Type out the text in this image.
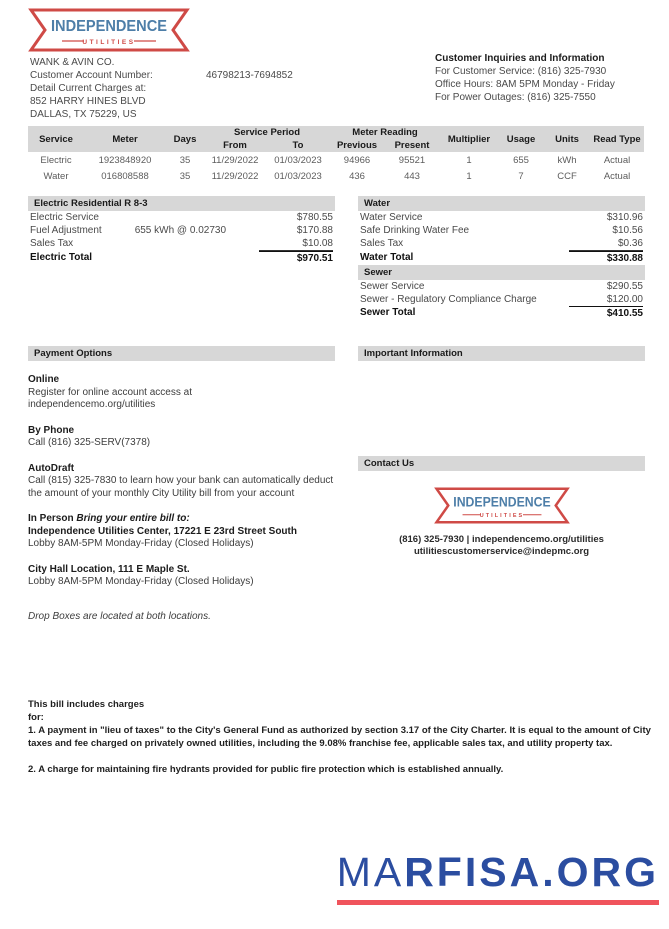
INDEPENDENCE
UTILITIES
WANK & AVIN CO.
Customer Account Number:	46798213-7694852
Detail Current Charges at:
852 HARRY HINES BLVD
DALLAS, TX 75229, US
Customer Inquiries and Information
For Customer Service: (816) 325-7930
Office Hours: 8AM 5PM Monday - Friday
For Power Outages: (816) 325-7550
Service	Meter	Days	Service Period		Meter Reading		Multiplier	Usage	Units	Read Type
			From	To	Previous	Present				
Electric	1923848920	35	11/29/2022	01/03/2023	94966	95521	1	655	kWh	Actual
Water	016808588	35	11/29/2022	01/03/2023	436	443	1	7	CCF	Actual
Electric Residential R 8-3
Electric Service	$780.55
Fuel Adjustment	655 kWh @ 0.02730	$170.88
Sales Tax	$10.08
Electric Total	$970.51
Water
Water Service	$310.96
Safe Drinking Water Fee	$10.56
Sales Tax	$0.36
Water Total	$330.88
Sewer
Sewer Service	$290.55
Sewer - Regulatory Compliance Charge	$120.00
Sewer Total	$410.55
Payment Options
Online
Register for online account access at
independencemo.org/utilities
By Phone
Call (816) 325-SERV(7378)
AutoDraft
Call (815) 325-7830 to learn how your bank can automatically deduct the amount of your monthly City Utility bill from your account
In Person Bring your entire bill to:
Independence Utilities Center, 17221 E 23rd Street South
Lobby 8AM-5PM Monday-Friday (Closed Holidays)
City Hall Location, 111 E Maple St.
Lobby 8AM-5PM Monday-Friday (Closed Holidays)
Drop Boxes are located at both locations.
Important Information
Contact Us
INDEPENDENCE
UTILITIES
(816) 325-7930 | independencemo.org/utilities
utilitiescustomerservice@indepmc.org

This bill includes charges

for:

1. A payment in "lieu of taxes" to the City's General Fund as authorized by section 3.17 of the City Charter. It is equal to the amount of City taxes and fee charged on privately owned utilities, including the 9.08% franchise fee, applicable sales tax, and utility property tax.

2. A charge for maintaining fire hydrants provided for public fire protection which is established annually.

MARFISA.ORG
